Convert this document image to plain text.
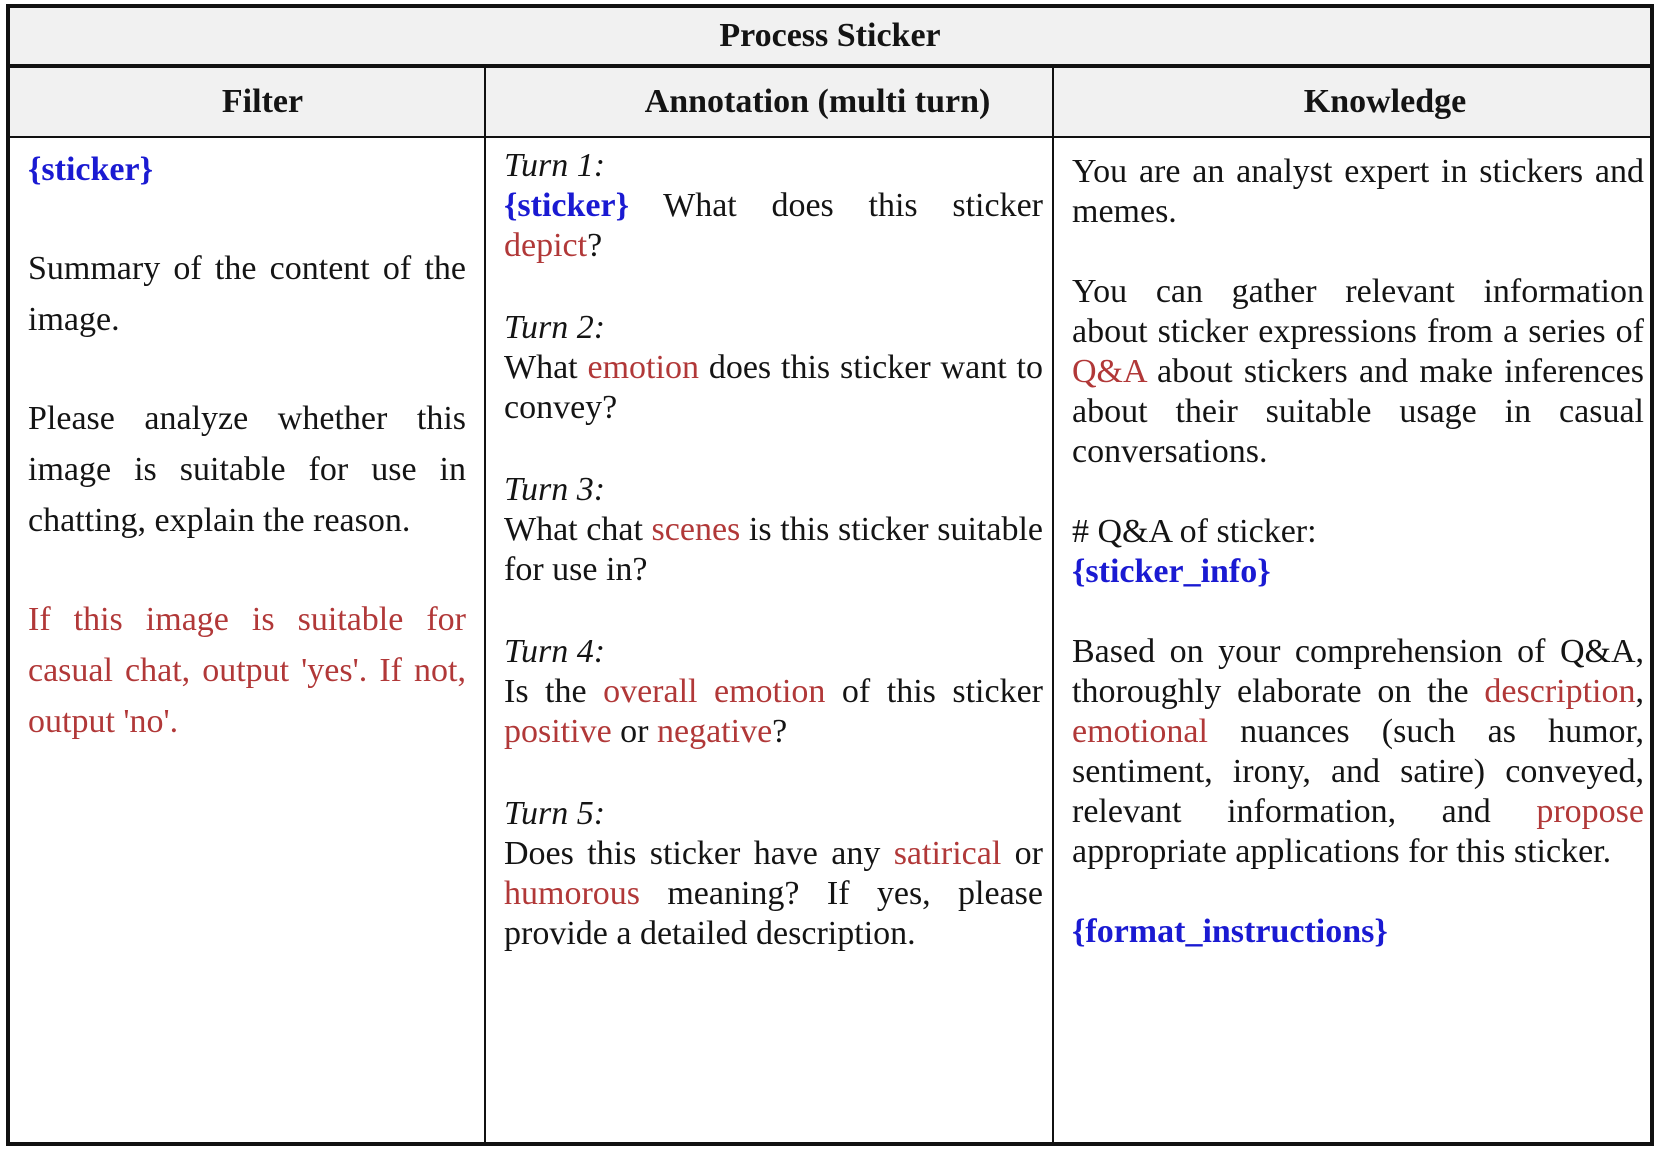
Process Sticker
Filter	Annotation (multi turn)	Knowledge

{sticker}

Summary of the content of the image.

Please analyze whether this image is suitable for use in chatting, explain the reason.

If this image is suitable for casual chat, output 'yes'. If not, output 'no'.

Turn 1:

{sticker} What does this sticker depict?

Turn 2:

What emotion does this sticker want to convey?

Turn 3:

What chat scenes is this sticker suitable for use in?

Turn 4:

Is the overall emotion of this sticker positive or negative?

Turn 5:

Does this sticker have any satirical or humorous meaning? If yes, please provide a detailed description.

You are an analyst expert in stickers and memes.

You can gather relevant information about sticker expressions from a series of Q&A about stickers and make inferences about their suitable usage in casual conversations.

# Q&A of sticker:

{sticker_info}

Based on your comprehension of Q&A, thoroughly elaborate on the description, emotional nuances (such as humor, sentiment, irony, and satire) conveyed, relevant information, and propose appropriate applications for this sticker.

{format_instructions}
